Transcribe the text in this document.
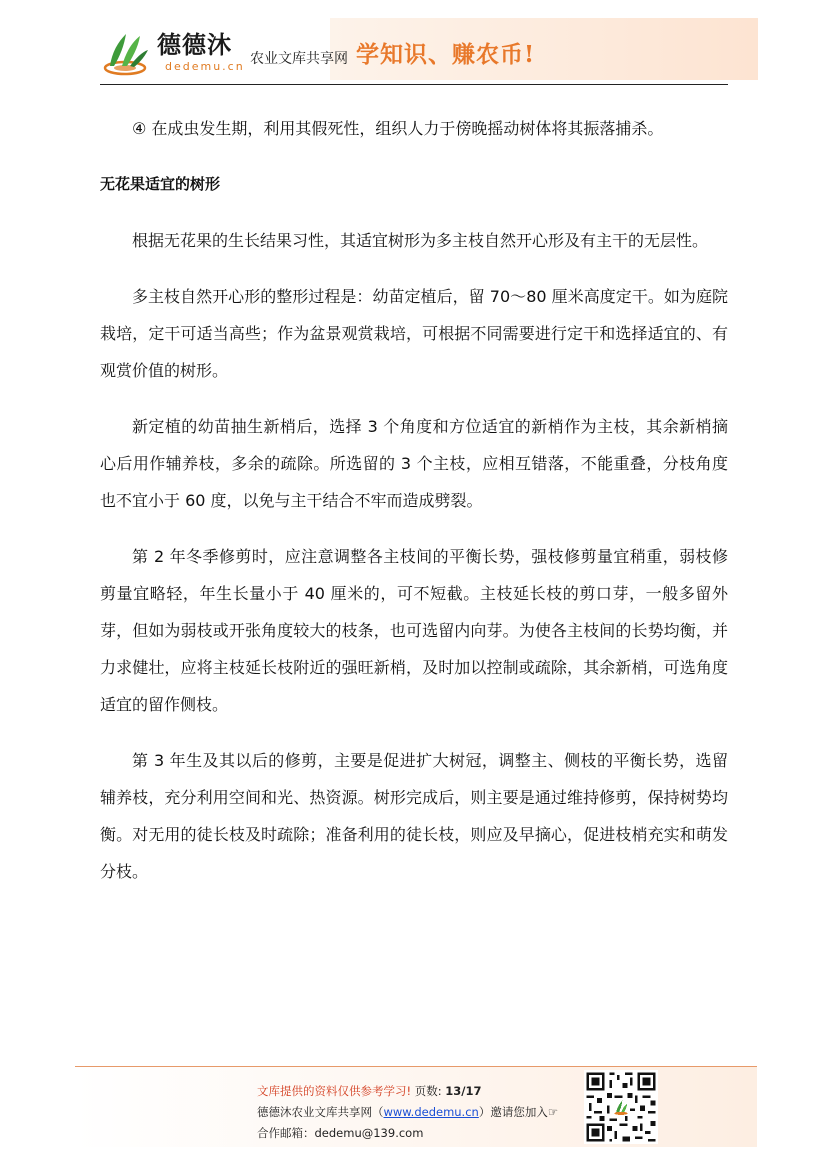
德德沐
dedemu.cn 农业文库共享网 学知识、赚农币!

④ 在成虫发生期，利用其假死性，组织人力于傍晚摇动树体将其振落捕杀。

无花果适宜的树形

根据无花果的生长结果习性，其适宜树形为多主枝自然开心形及有主干的无层性。

多主枝自然开心形的整形过程是：幼苗定植后，留 70～80 厘米高度定干。如为庭院栽培，定干可适当高些；作为盆景观赏栽培，可根据不同需要进行定干和选择适宜的、有观赏价值的树形。

新定植的幼苗抽生新梢后，选择 3 个角度和方位适宜的新梢作为主枝，其余新梢摘心后用作辅养枝，多余的疏除。所选留的 3 个主枝，应相互错落，不能重叠，分枝角度也不宜小于 60 度，以免与主干结合不牢而造成劈裂。

第 2 年冬季修剪时，应注意调整各主枝间的平衡长势，强枝修剪量宜稍重，弱枝修剪量宜略轻，年生长量小于 40 厘米的，可不短截。主枝延长枝的剪口芽，一般多留外芽，但如为弱枝或开张角度较大的枝条，也可选留内向芽。为使各主枝间的长势均衡，并力求健壮，应将主枝延长枝附近的强旺新梢，及时加以控制或疏除，其余新梢，可选角度适宜的留作侧枝。

第 3 年生及其以后的修剪，主要是促进扩大树冠，调整主、侧枝的平衡长势，选留辅养枝，充分利用空间和光、热资源。树形完成后，则主要是通过维持修剪，保持树势均衡。对无用的徒长枝及时疏除；准备利用的徒长枝，则应及早摘心，促进枝梢充实和萌发分枝。

文库提供的资料仅供参考学习! 页数: 13/17
德德沐农业文库共享网（www.dedemu.cn）邀请您加入☞
合作邮箱：dedemu@139.com
